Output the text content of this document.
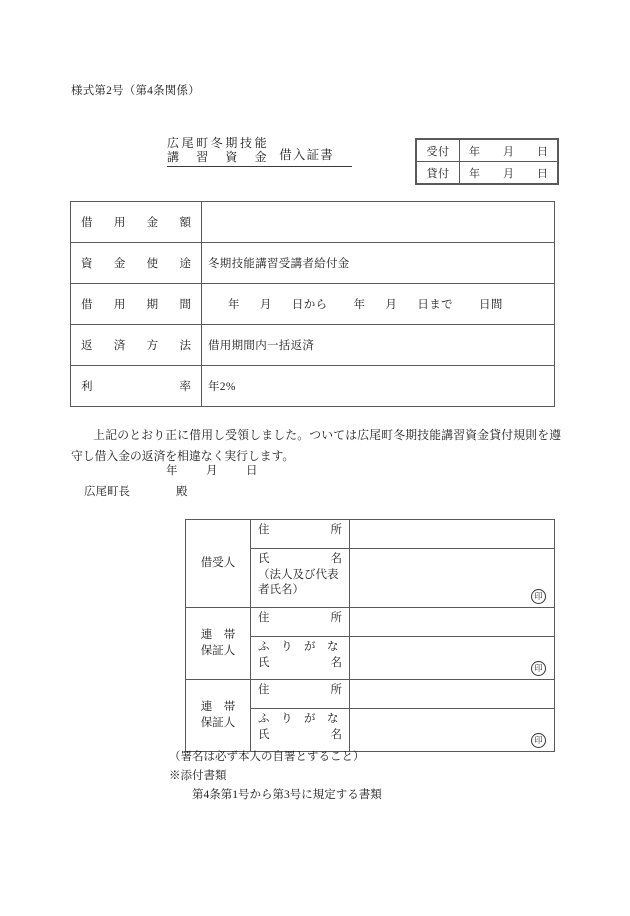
様式第2号（第4条関係）
広尾町冬期技能
講　習　資　金 借入証書	受付	年　月　日
貸付	年　月　日
借 用 金 額	

資 金 使 途	冬期技能講習受講者給付金

借 用 期 間	年 月 日から 年 月 日まで 日間

返 済 方 法	借用期間内一括返済

利 率	年2%
上記のとおり正に借用し受領しました。ついては広尾町冬期技能講習資金貸付規則を遵守し借入金の返済を相違なく実行します。
年 月 日
広尾町長	殿
借受人	住 所	

	氏 名
（法人及び代表者氏名）	印

連　帯
保証人	住 所	

	ふ　り　が　な
氏 名	印

連　帯
保証人	住 所	

	ふ　り　が　な
氏 名	印
（署名は必ず本人の自署とすること）
※添付書類
第4条第1号から第3号に規定する書類
